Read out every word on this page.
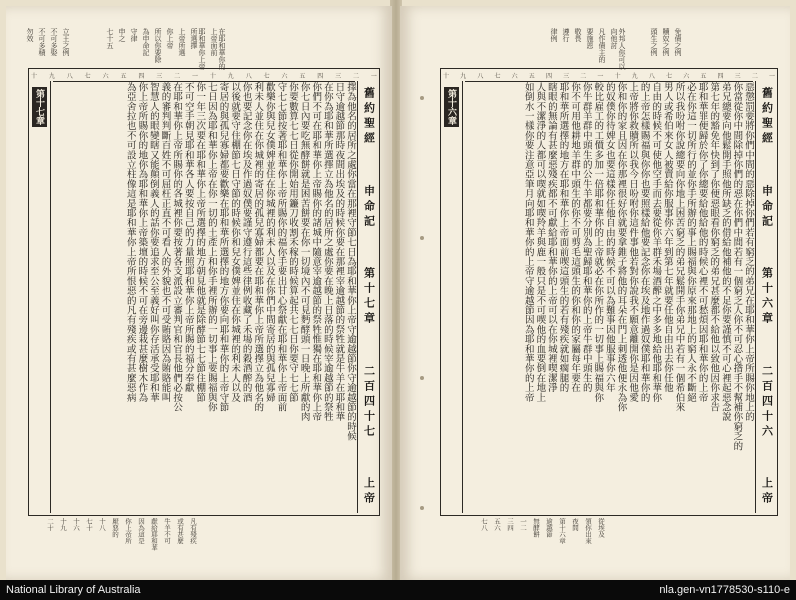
立王之例
不可多娶
不可多積
勿效	在耶和華你的上帝面前
耶和華你上帝所選擇
上帝所選
你上帝
所以你要除
為申命記
守律
申之
七十五
一
二
三
四
五
六
七
八
九
十
一
二
三
四
五
六
七
八
九
十
舊約聖經
申命記
第十七章
二百四十七
上帝
擇為他名的居所之處你當在那裡守節七日為耶和華你上帝守逾越節你守逾越節的時候
日守逾越節那時夜間出埃及的時候你要在那裡宰逾越節的祭牲就是牛羊在耶和華
在你為耶和華所選擇立為他名的居所之處你要在晚上日落的時候宰逾越節的祭牲
你們不可在耶和華你上帝賜你的諸城中隨意宰逾越節的祭牲惟獨在耶和華你上帝
你七日內要吃無酵餅就是困苦餅要在你一切境內不可見麪酵頭一日晚上所獻的肉
你要數算七七日從你開始用鐮刀收割禾稼的時候算起共七七日你要守七七節
守七七節按著耶和華你上帝所賜你的福你手要出甘心祭獻在耶和華你上帝面前
歡樂你與兒女僕婢並住在你城裡的利未人以及在你們中間寄居的與孤兒寡婦
利未人並住在你城裡的寄居的孤兒寡婦都要在耶和華你上帝所選擇立為他名的
你也要記念你在埃及作過奴僕要謹守遵行這些律例收藏了禾場的穀酒醡的酒
以後就要守住棚節七日守節的時候你和兒女僕婢並住在你城裡的利未人以及
寄居的與孤兒寡婦都要歡樂在耶和華所選擇的地方你要向耶和華你的上帝守節
七日因為耶和華你上帝在你一切的土產上和你手裡所辦的一切事上要賜福與你
你一年三次要在耶和華你上帝所選擇的地方朝見他就是除酵節七七節住棚節
不可空手朝見耶和華各人要按自己的力量照耶和華你上帝所賜的福分奉獻
在耶和華你上帝所賜你的各城裡你要按著各支派設立審判官和官長他們必按公
義的審判判斷百姓不可屈枉正直不可看人的外貌也不可受賄賂因為賄賂能叫
智慧人的眼變瞎又能顛倒義人的話你要追求至公至義好叫你存活承受耶和華
你上帝所賜你的地你為耶和華你上帝築壇的時候不可在旁邊栽甚麼樹木作為
為亞舍拉也不可設立柱像這是耶和華你上帝所恨惡的凡有殘疾或有甚麼惡病
第十七章
凡有殘疾
或有甚麼
牛羊不可
獻給耶和華
因為這是
你上帝所
厭惡的
十八
七十
十六
十九
二十
外邦人你可以向他討
凡作債主的
要施恩
敬畏
遵行
律例	免債之例
贖奴之例
頭生之例
一
二
三
四
五
六
七
八
九
十
一
二
三
四
五
六
七
八
九
十
舊約聖經
申命記
第十六章
二百四十六
上帝
惡懲罰要將你們中間的惡除掉你們若有窮乏的弟兄在耶和華你上帝所賜你地上的
你當從你中間除掉你們的惡在你們中間若有一個窮乏人你不可忍心揝手不幫補你窮乏的
弟兄總要向他鬆開手照他所缺乏的借給他補他的不足你要謹慎不可心裡起惡念說
第七年的豁免年快到了你便惡眼看你窮乏的弟兄甚麼都不給他以致他因你求告
耶和華罪便歸於你了你總要給他給他的時候心裡不可愁煩因耶和華你的上帝
必在你這一切所行的並你手所辦的事上賜福與你原來那地上的窮人永不斷絕
所以我吩咐你說總要向你地上困苦窮乏的弟兄鬆開手你弟兄中若有一個希伯來
男人或希伯來女人被賣給你服事你六年到第七年就要任他自由出去你任他
自由的時候不可使他空手而去要從你羊群禾場酒醡之中多多地給他耶和華你
的上帝怎樣賜福與你你也要照樣給他要記念你在埃及地作過奴僕耶和華你的
上帝將你救贖所以我今日吩咐你這件事他若對你說我不願意離開你是因他愛
你和你的家且因在你那裡很好你就要拿錐子將他的耳朵在門上刺透他便永為你
的奴僕你待婢女也要這樣你任他自由的時候不可以為難事因他服事你六年
較比雇工的工價多加一倍耶和華你的上帝就必在你所作的一切事上賜福與你
你牛群羊群中頭生的公牛羊都要分別為聖歸耶和華你的上帝牛群中頭生的
你不可用他耕地羊群中頭生的你不可剪毛這頭生的你和你的家屬每年要在
耶和華所選擇的地方在耶和華你上帝面前喫這頭生的若有殘疾就如瘸腿的
瞎眼的無論有甚麼惡殘疾都不可獻給耶和華你的上帝可以在你城裡喫潔淨
人與不潔淨的人都可以喫就如喫羚羊與鹿一般只是不可喫他的血要倒在地上
如倒水一樣你要注意亞筆月向耶和華你的上帝守逾越節因為耶和華你的上帝
第十六章
從埃及
領你出來
夜間
第十六章
逾越節
無酵餅
一二
三四
五六
七八
National Library of Australia	nla.gen-vn1778530-s110-e
